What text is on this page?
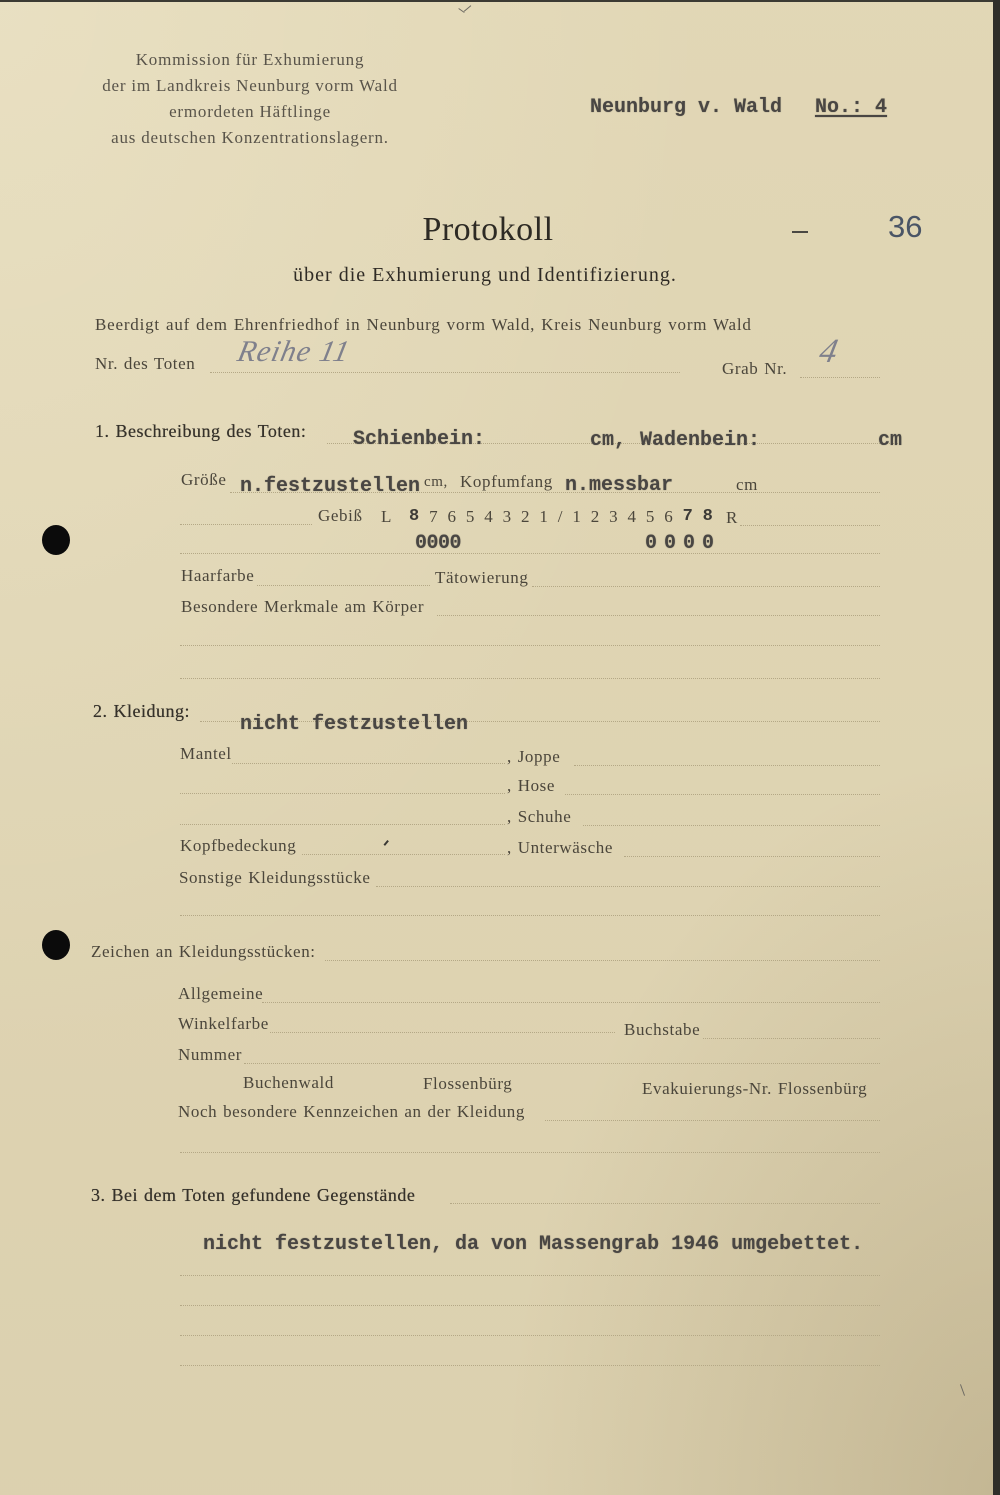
Kommission für Exhumierung
der im Landkreis Neunburg vorm Wald
ermordeten Häftlinge
aus deutschen Konzentrationslagern.
Neunburg v. Wald No.: 4
36
Protokoll
über die Exhumierung und Identifizierung.
Beerdigt auf dem Ehrenfriedhof in Neunburg vorm Wald, Kreis Neunburg vorm Wald
Nr. des Toten Reihe 11
Grab Nr. 4
1. Beschreibung des Toten: Schienbein:	cm, Wadenbein:	cm
Größe	cm,
n.festzustellen Kopfumfang n.messbar	cm
Gebiß L 8 7 6 5 4 3 2 1 / 1 2 3 4 5 6 7 8 R
0000	0 0 0 0
Haarfarbe	Tätowierung
Besondere Merkmale am Körper
2. Kleidung:
nicht festzustellen
Mantel	, Joppe
, Hose
, Schuhe
Kopfbedeckung	, Unterwäsche
Sonstige Kleidungsstücke
Zeichen an Kleidungsstücken:
Allgemeine
Winkelfarbe	Buchstabe
Nummer
Buchenwald	Flossenbürg	Evakuierungs-Nr. Flossenbürg
Noch besondere Kennzeichen an der Kleidung
3. Bei dem Toten gefundene Gegenstände
nicht festzustellen, da von Massengrab 1946 umgebettet.
